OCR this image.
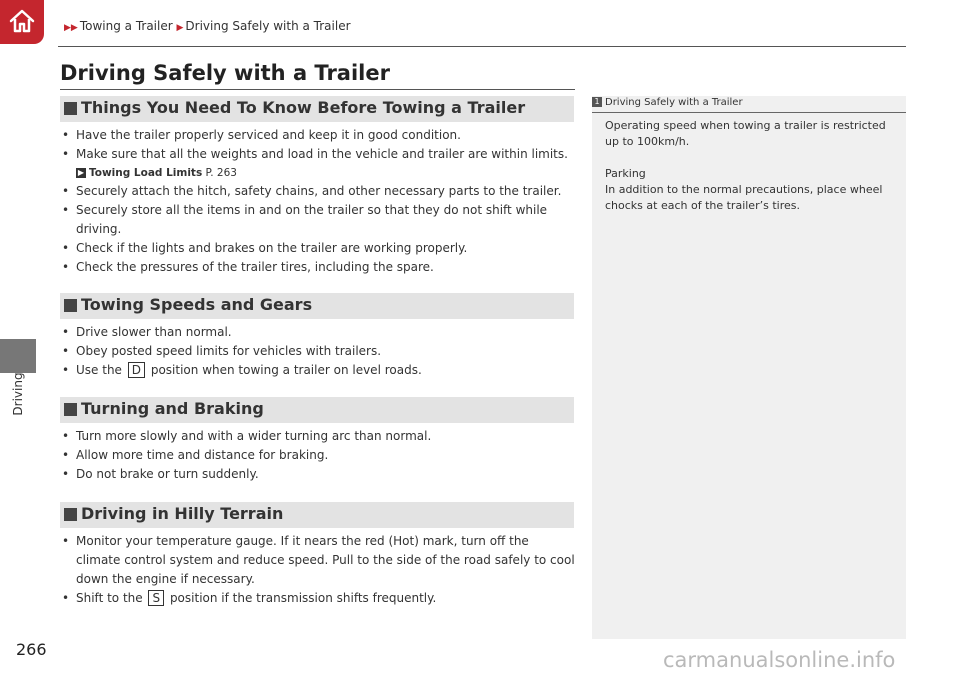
▶▶ Towing a Trailer ▶ Driving Safely with a Trailer
Driving
266
Driving Safely with a Trailer
Things You Need To Know Before Towing a Trailer
• Have the trailer properly serviced and keep it in good condition.
• Make sure that all the weights and load in the vehicle and trailer are within limits.
▶ Towing Load Limits P. 263
• Securely attach the hitch, safety chains, and other necessary parts to the trailer.
• Securely store all the items in and on the trailer so that they do not shift while driving.
• Check if the lights and brakes on the trailer are working properly.
• Check the pressures of the trailer tires, including the spare.
Towing Speeds and Gears
• Drive slower than normal.
• Obey posted speed limits for vehicles with trailers.
• Use the D position when towing a trailer on level roads.
Turning and Braking
• Turn more slowly and with a wider turning arc than normal.
• Allow more time and distance for braking.
• Do not brake or turn suddenly.
Driving in Hilly Terrain
• Monitor your temperature gauge. If it nears the red (Hot) mark, turn off the climate control system and reduce speed. Pull to the side of the road safely to cool down the engine if necessary.
• Shift to the S position if the transmission shifts frequently.
1 Driving Safely with a Trailer

Operating speed when towing a trailer is restricted up to 100km/h.

Parking

In addition to the normal precautions, place wheel chocks at each of the trailer’s tires.

carmanualsonline.info
